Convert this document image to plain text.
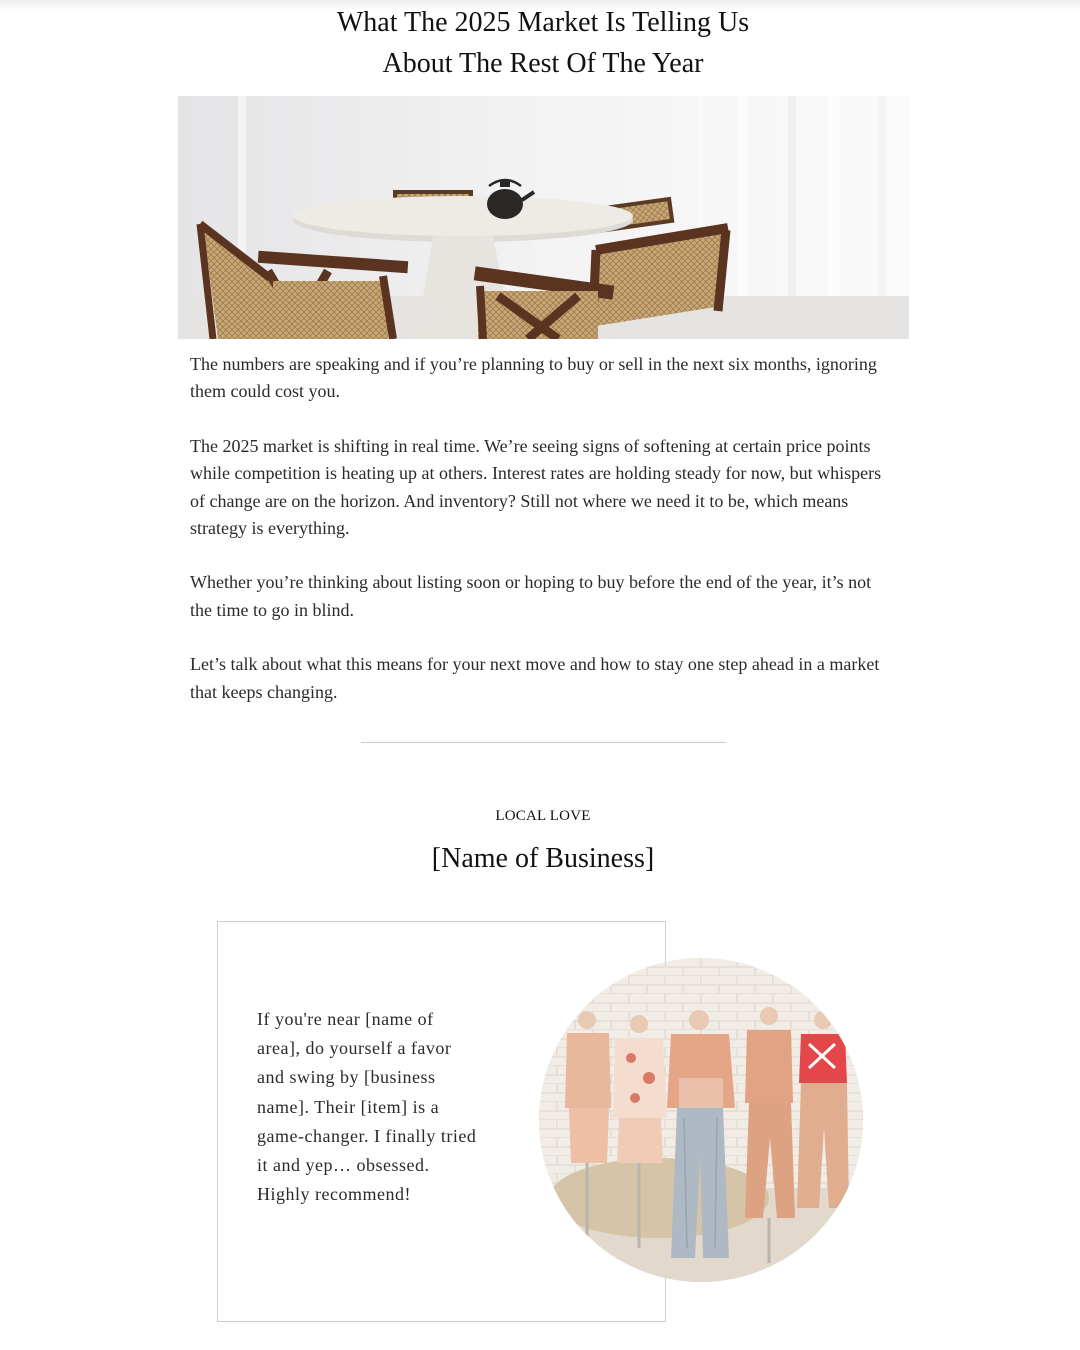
What The 2025 Market Is Telling Us
About The Rest Of The Year

The numbers are speaking and if you’re planning to buy or sell in the next six months, ignoring them could cost you.

The 2025 market is shifting in real time. We’re seeing signs of softening at certain price points while competition is heating up at others. Interest rates are holding steady for now, but whispers of change are on the horizon. And inventory? Still not where we need it to be, which means strategy is everything.

Whether you’re thinking about listing soon or hoping to buy before the end of the year, it’s not the time to go in blind.

Let’s talk about what this means for your next move and how to stay one step ahead in a market that keeps changing.

LOCAL LOVE
[Name of Business]
If you're near [name of area], do yourself a favor and swing by [business name]. Their [item] is a game-changer. I finally tried it and yep… obsessed. Highly recommend!
